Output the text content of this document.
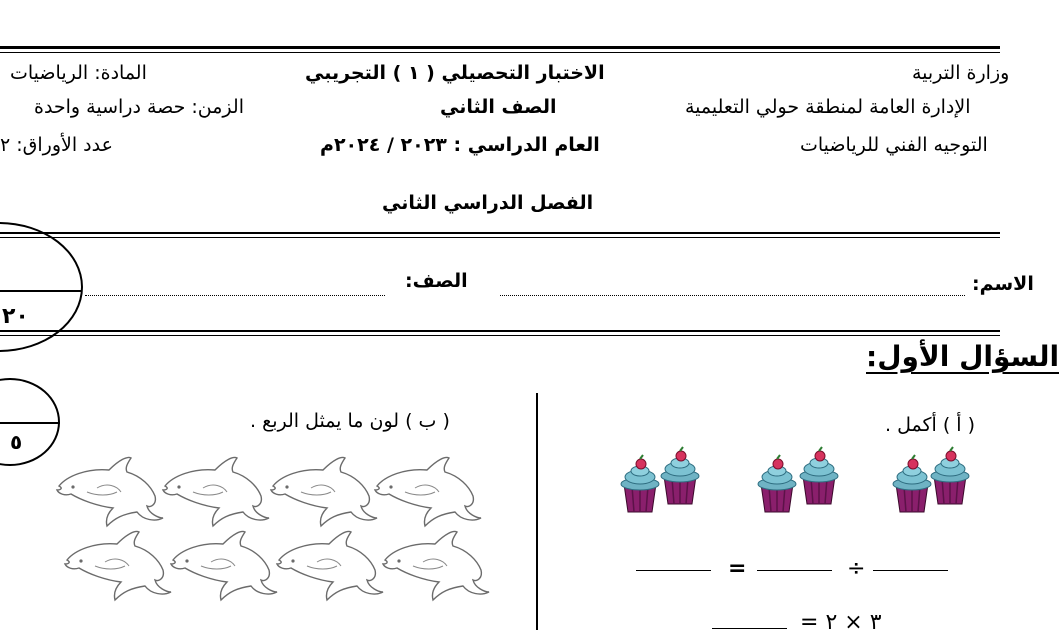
وزارة التربية
الإدارة العامة لمنطقة حولي التعليمية
التوجيه الفني للرياضيات
الاختبار التحصيلي ( ١ ) التجريبي
الصف الثاني
العام الدراسي : ٢٠٢٣ / ٢٠٢٤م
المادة: الرياضيات
الزمن: حصة دراسية واحدة
عدد الأوراق: ٢
الفصل الدراسي الثاني
الاسم:
الصف:
٢٠
السؤال الأول:
٥
( أ ) أكمل .
( ب ) لون ما يمثل الربع .
=	÷
٣ × ٢ =
